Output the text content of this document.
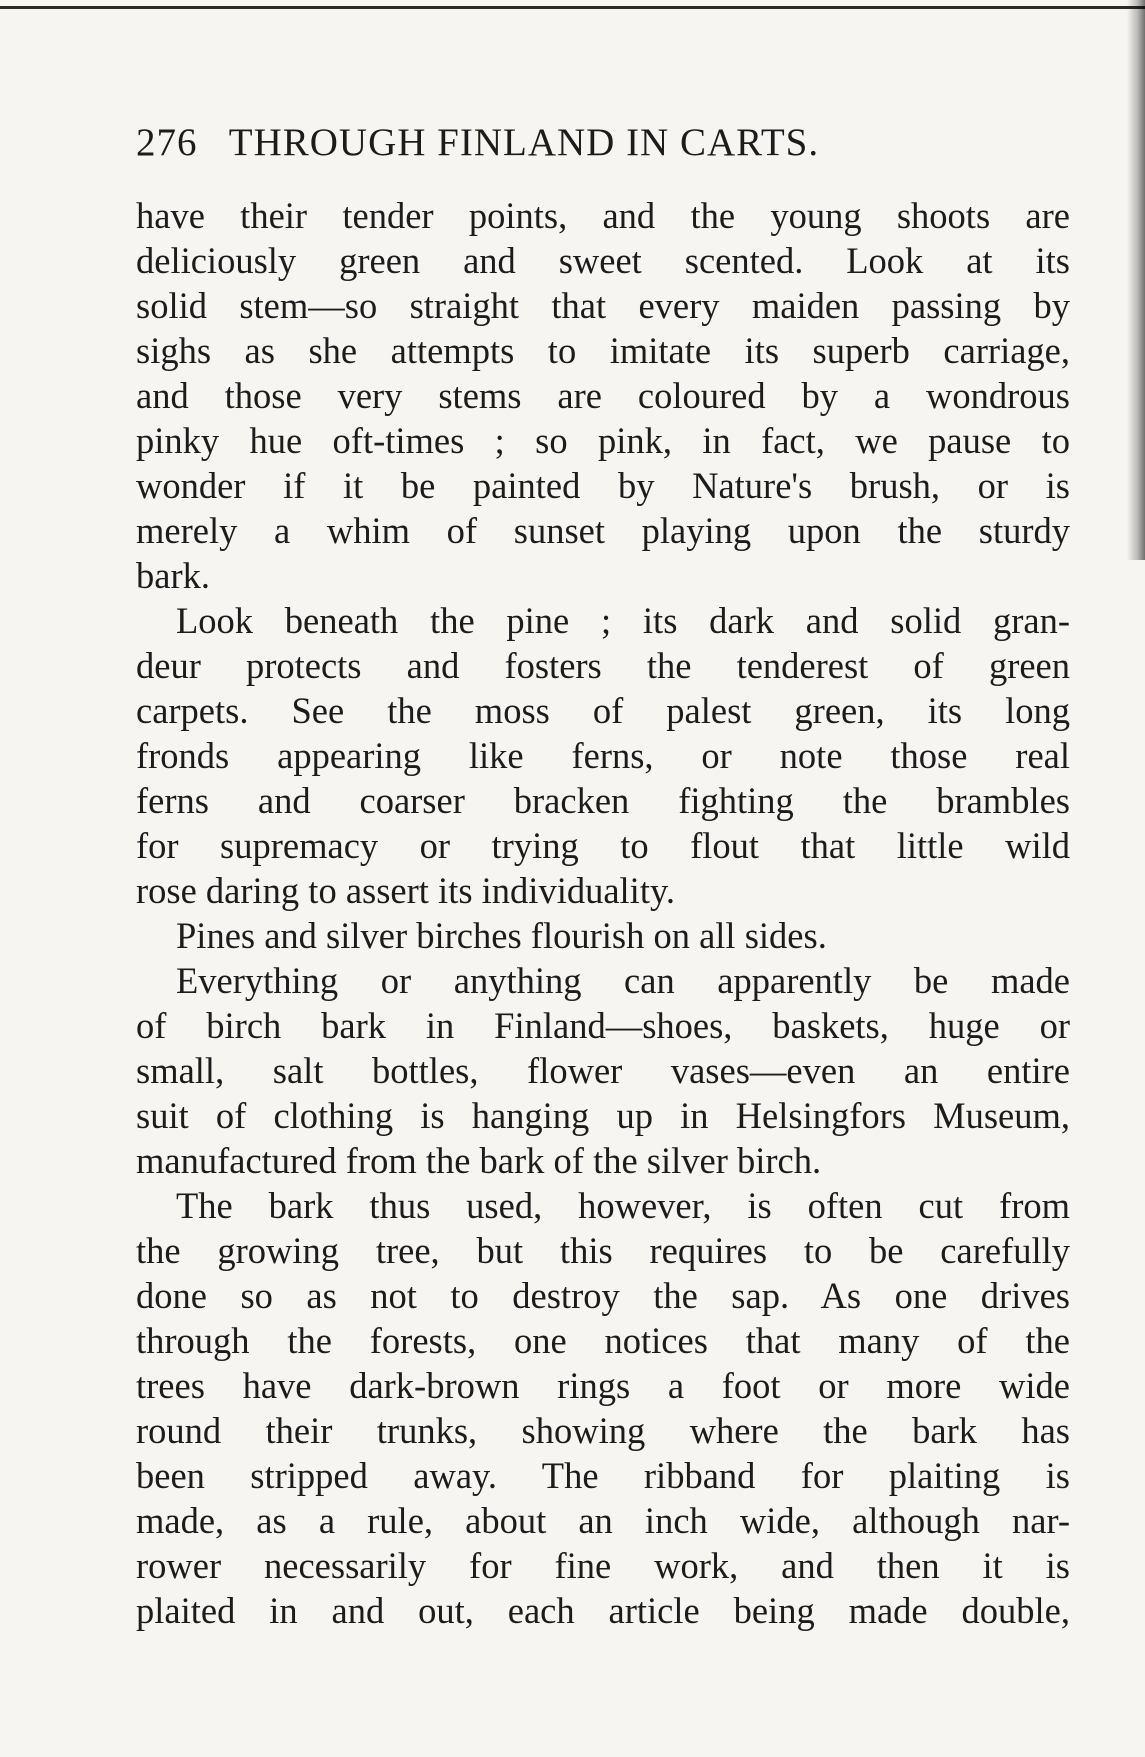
276 THROUGH FINLAND IN CARTS.
have their tender points, and the young shoots are
deliciously green and sweet scented. Look at its
solid stem—so straight that every maiden passing by
sighs as she attempts to imitate its superb carriage,
and those very stems are coloured by a wondrous
pinky hue oft-times ; so pink, in fact, we pause to
wonder if it be painted by Nature's brush, or is
merely a whim of sunset playing upon the sturdy
bark.
Look beneath the pine ; its dark and solid gran-
deur protects and fosters the tenderest of green
carpets. See the moss of palest green, its long
fronds appearing like ferns, or note those real
ferns and coarser bracken fighting the brambles
for supremacy or trying to flout that little wild
rose daring to assert its individuality.
Pines and silver birches flourish on all sides.
Everything or anything can apparently be made
of birch bark in Finland—shoes, baskets, huge or
small, salt bottles, flower vases—even an entire
suit of clothing is hanging up in Helsingfors Museum,
manufactured from the bark of the silver birch.
The bark thus used, however, is often cut from
the growing tree, but this requires to be carefully
done so as not to destroy the sap. As one drives
through the forests, one notices that many of the
trees have dark-brown rings a foot or more wide
round their trunks, showing where the bark has
been stripped away. The ribband for plaiting is
made, as a rule, about an inch wide, although nar-
rower necessarily for fine work, and then it is
plaited in and out, each article being made double,
